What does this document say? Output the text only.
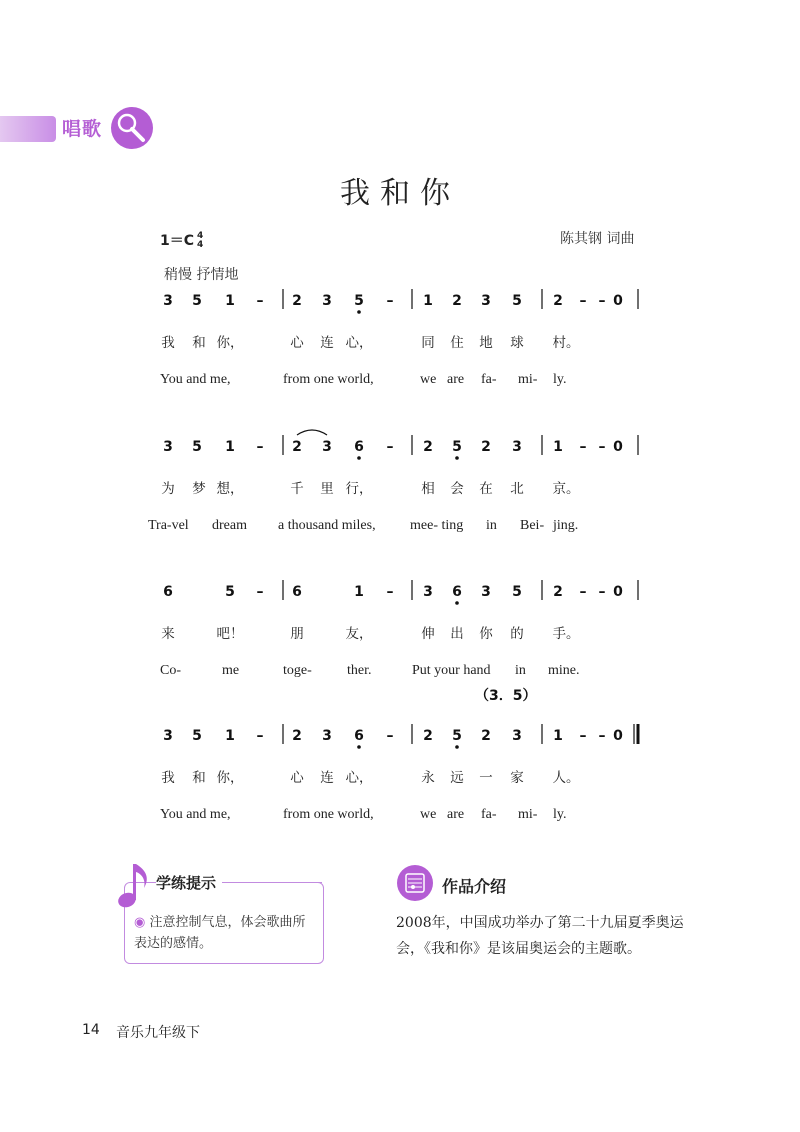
唱歌
我和你
1＝C 4
4	陈其钢 词曲
稍慢 抒情地
3 5 1 – 2 3 5 – 1 2 3 5 2 – – 0
我 和 你，	心 连 心，	同 住 地 球 村。
You and me,	from one world,	we are fa- mi- ly.
3 5 1 – 2 3 6 – 2 5 2 3 1 – – 0
为 梦 想，	千 里 行，	相 会 在 北 京。
Tra-vel dream a thousand miles, mee- ting in Bei- jing.
6	5 – 6	1 – 3 6 3 5 2 – – 0
来	吧！	朋	友，	伸 出 你 的 手。
Co-	me	toge-	ther.	Put your hand in mine.
3 5 1 – 2 3 6 – 2 5 2 3 1 – – 0
我 和 你，	心 连 心，	永 远 一 家 人。
You and me,	from one world,	we are fa- mi- ly.
（3．5）
学练提示
◉ 注意控制气息，体会歌曲所表达的感情。
作品介绍
2008年，中国成功举办了第二十九届夏季奥运会，《我和你》是该届奥运会的主题歌。
14 音乐九年级下
